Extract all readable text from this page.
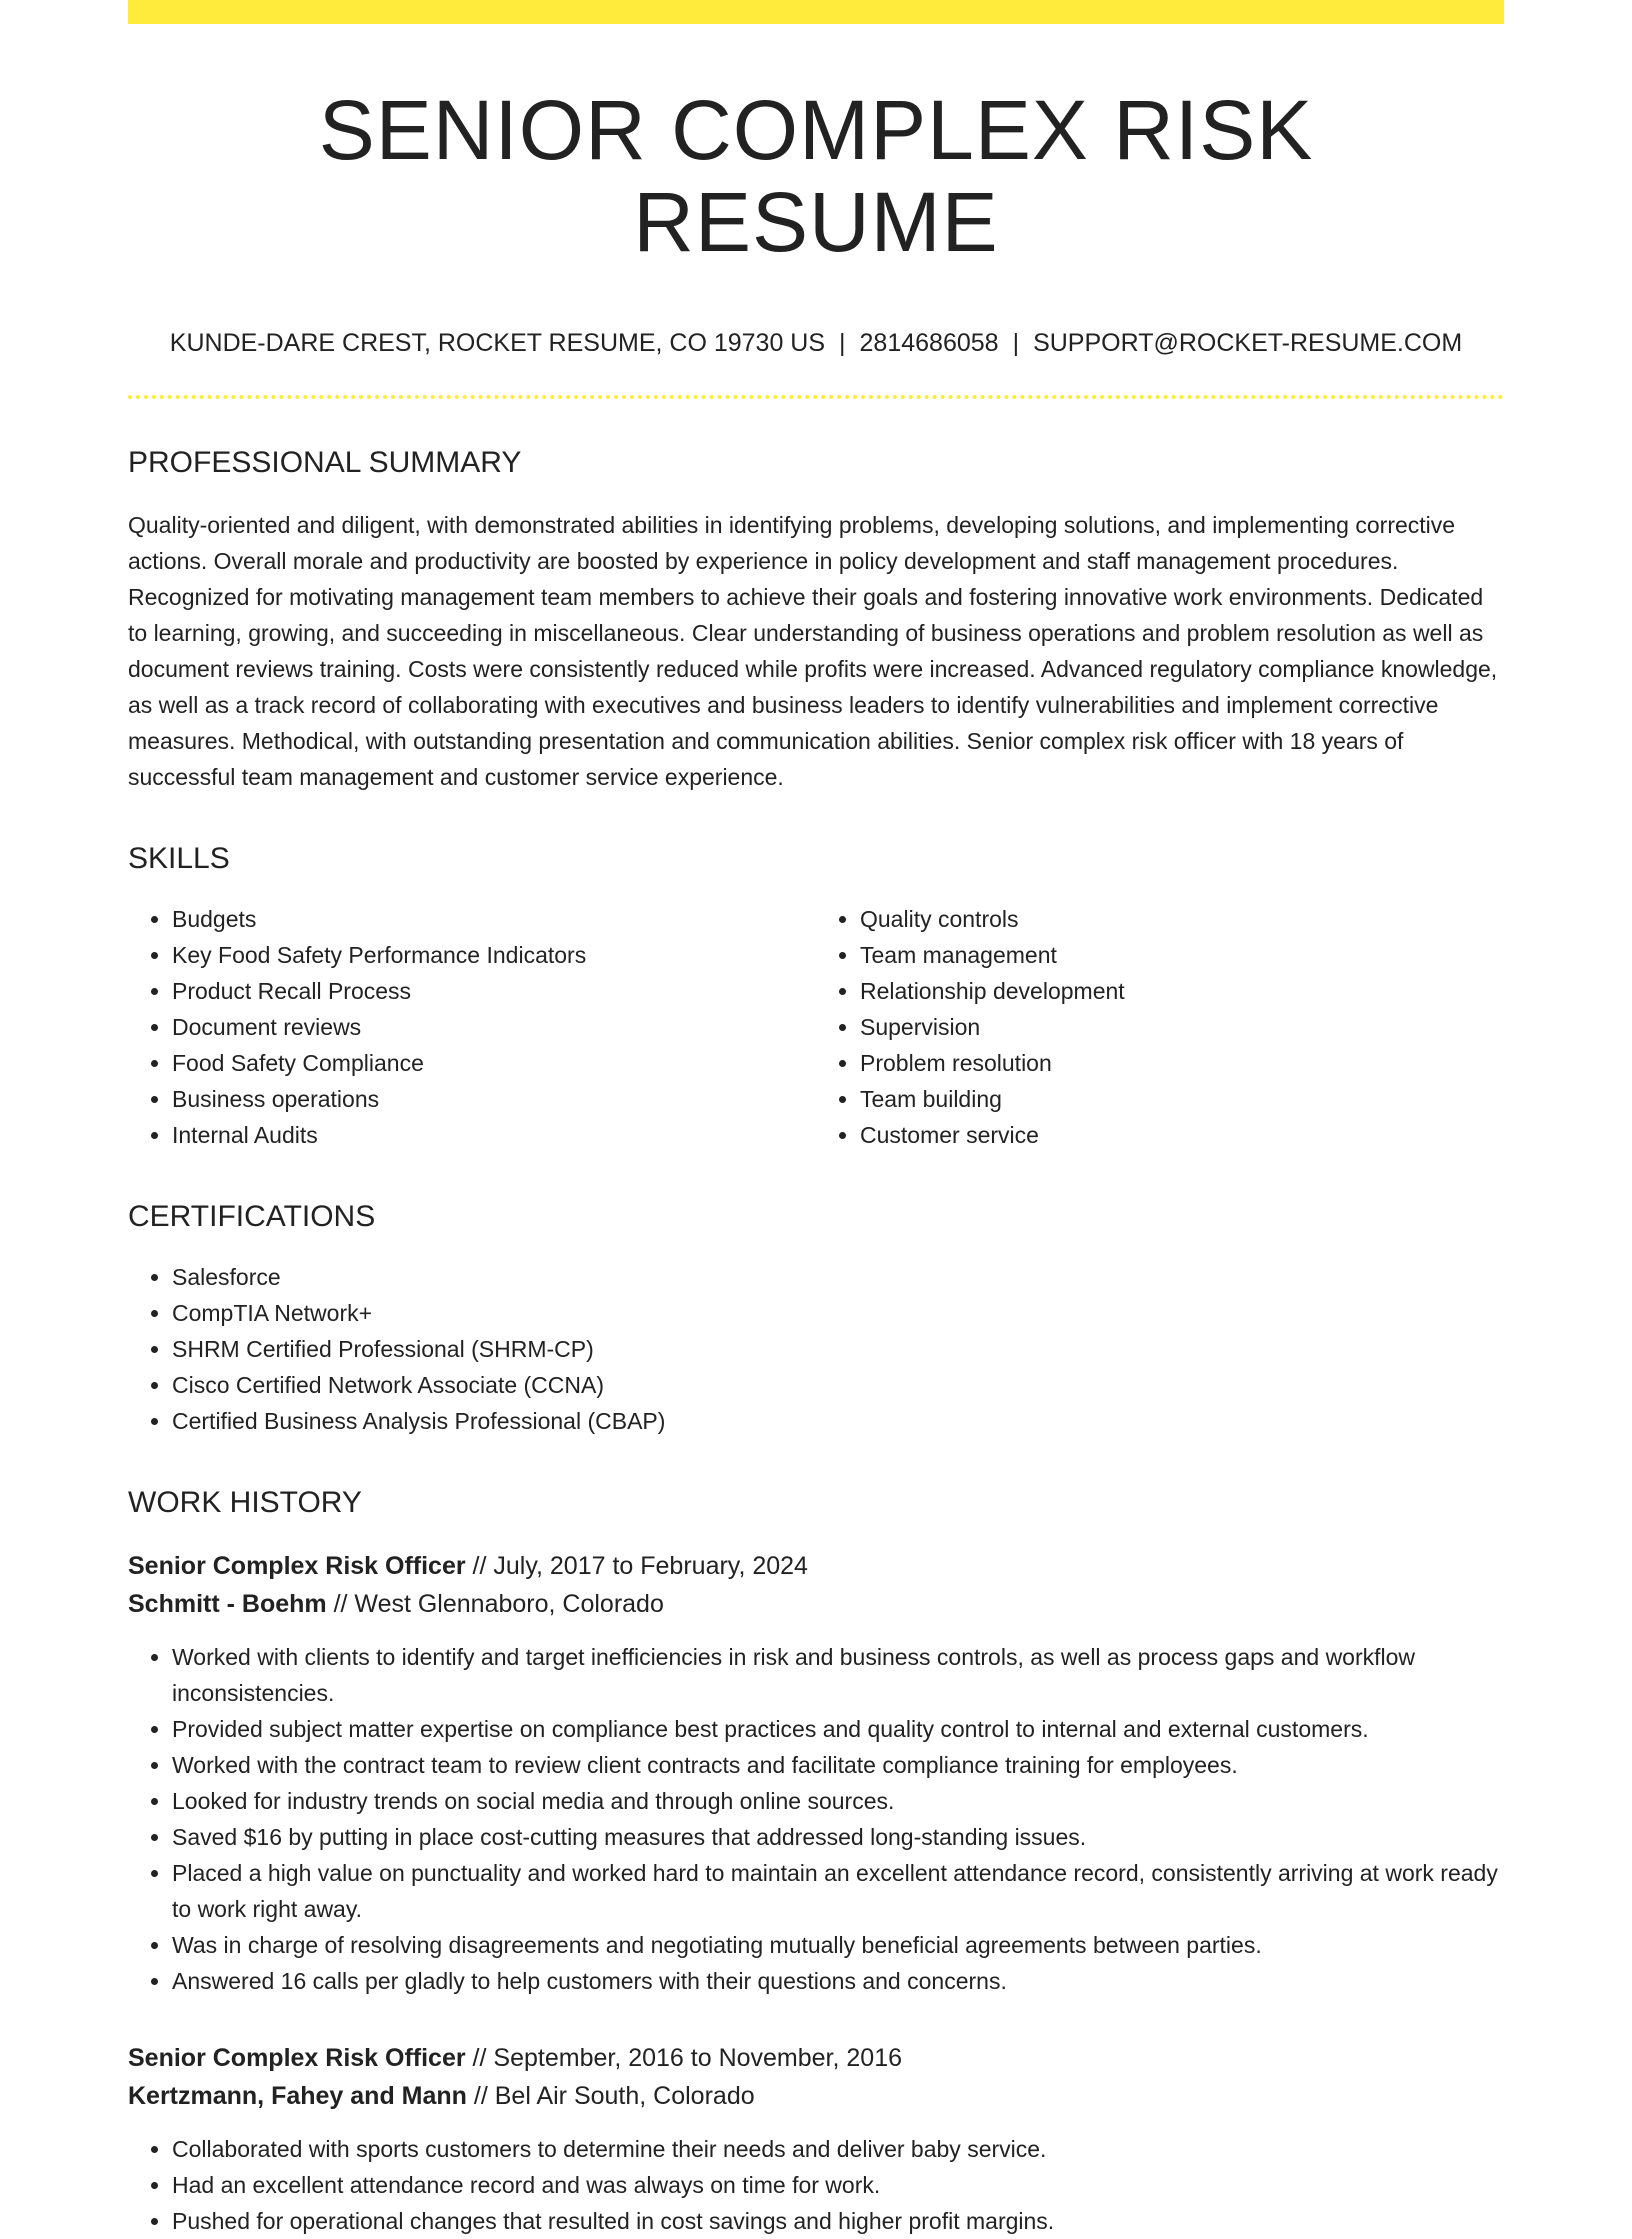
SENIOR COMPLEX RISK RESUME
KUNDE-DARE CREST, ROCKET RESUME, CO 19730 US | 2814686058 | SUPPORT@ROCKET-RESUME.COM
PROFESSIONAL SUMMARY

Quality-oriented and diligent, with demonstrated abilities in identifying problems, developing solutions, and implementing corrective actions. Overall morale and productivity are boosted by experience in policy development and staff management procedures. Recognized for motivating management team members to achieve their goals and fostering innovative work environments. Dedicated to learning, growing, and succeeding in miscellaneous. Clear understanding of business operations and problem resolution as well as document reviews training. Costs were consistently reduced while profits were increased. Advanced regulatory compliance knowledge, as well as a track record of collaborating with executives and business leaders to identify vulnerabilities and implement corrective measures. Methodical, with outstanding presentation and communication abilities. Senior complex risk officer with 18 years of successful team management and customer service experience.

SKILLS
• Budgets
• Key Food Safety Performance Indicators
• Product Recall Process
• Document reviews
• Food Safety Compliance
• Business operations
• Internal Audits
• Quality controls
• Team management
• Relationship development
• Supervision
• Problem resolution
• Team building
• Customer service
CERTIFICATIONS
• Salesforce
• CompTIA Network+
• SHRM Certified Professional (SHRM-CP)
• Cisco Certified Network Associate (CCNA)
• Certified Business Analysis Professional (CBAP)
WORK HISTORY
Senior Complex Risk Officer // July, 2017 to February, 2024
Schmitt - Boehm // West Glennaboro, Colorado
• Worked with clients to identify and target inefficiencies in risk and business controls, as well as process gaps and workflow inconsistencies.
• Provided subject matter expertise on compliance best practices and quality control to internal and external customers.
• Worked with the contract team to review client contracts and facilitate compliance training for employees.
• Looked for industry trends on social media and through online sources.
• Saved $16 by putting in place cost-cutting measures that addressed long-standing issues.
• Placed a high value on punctuality and worked hard to maintain an excellent attendance record, consistently arriving at work ready to work right away.
• Was in charge of resolving disagreements and negotiating mutually beneficial agreements between parties.
• Answered 16 calls per gladly to help customers with their questions and concerns.
Senior Complex Risk Officer // September, 2016 to November, 2016
Kertzmann, Fahey and Mann // Bel Air South, Colorado
• Collaborated with sports customers to determine their needs and deliver baby service.
• Had an excellent attendance record and was always on time for work.
• Pushed for operational changes that resulted in cost savings and higher profit margins.
